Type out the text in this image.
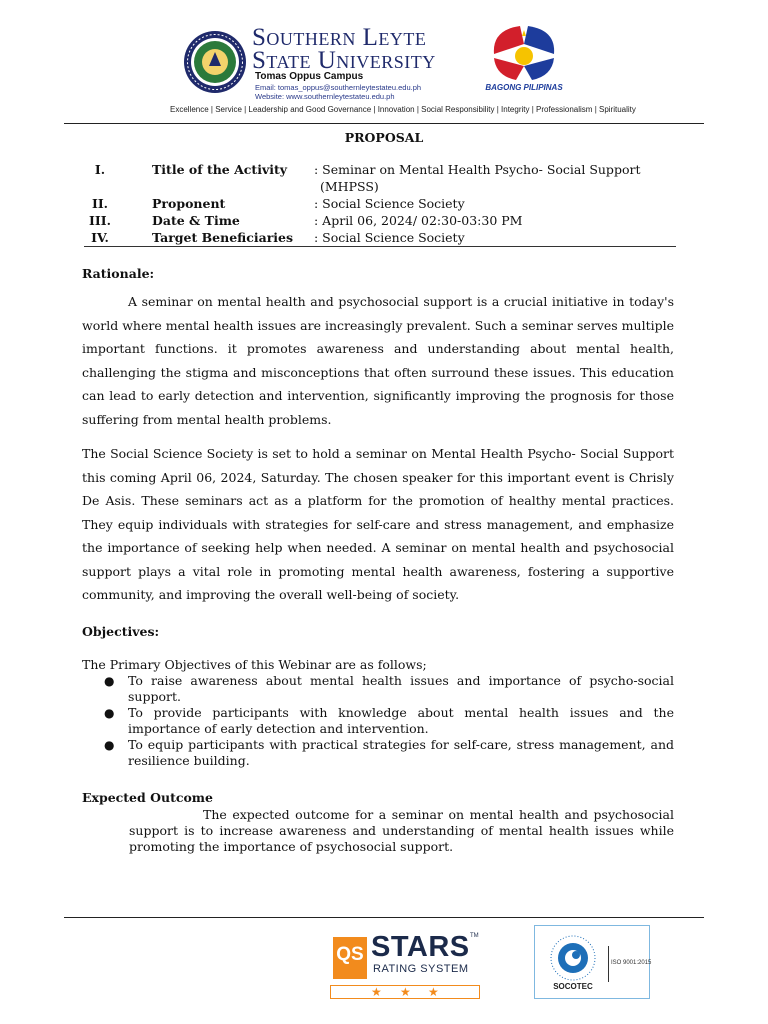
Southern Leyte
State University
Tomas Oppus Campus
Email: tomas_oppus@southernleytestateu.edu.ph
Website: www.southernleytestateu.edu.ph
BAGONG PILIPINAS
Excellence | Service | Leadership and Good Governance | Innovation | Social Responsibility | Integrity | Professionalism | Spirituality
PROPOSAL
I.	Title of the Activity : Seminar on Mental Health Psycho- Social Support
(MHPSS)
II.	Proponent	: Social Science Society
III.	Date & Time	: April 06, 2024/ 02:30-03:30 PM
IV.	Target Beneficiaries : Social Science Society
Rationale:

A seminar on mental health and psychosocial support is a crucial initiative in today's world where mental health issues are increasingly prevalent. Such a seminar serves multiple important functions. it promotes awareness and understanding about mental health, challenging the stigma and misconceptions that often surround these issues. This education can lead to early detection and intervention, significantly improving the prognosis for those suffering from mental health problems.

The Social Science Society is set to hold a seminar on Mental Health Psycho- Social Support this coming April 06, 2024, Saturday. The chosen speaker for this important event is Chrisly De Asis. These seminars act as a platform for the promotion of healthy mental practices. They equip individuals with strategies for self-care and stress management, and emphasize the importance of seeking help when needed. A seminar on mental health and psychosocial support plays a vital role in promoting mental health awareness, fostering a supportive community, and improving the overall well-being of society.

Objectives:
The Primary Objectives of this Webinar are as follows;
● To raise awareness about mental health issues and importance of psycho-social support.
● To provide participants with knowledge about mental health issues and the importance of early detection and intervention.
● To equip participants with practical strategies for self-care, stress management, and resilience building.
Expected Outcome
The expected outcome for a seminar on mental health and psychosocial support is to increase awareness and understanding of mental health issues while promoting the importance of psychosocial support.
QS STARS TM
RATING SYSTEM
★ ★ ★
ISO 9001:2015
SOCOTEC
